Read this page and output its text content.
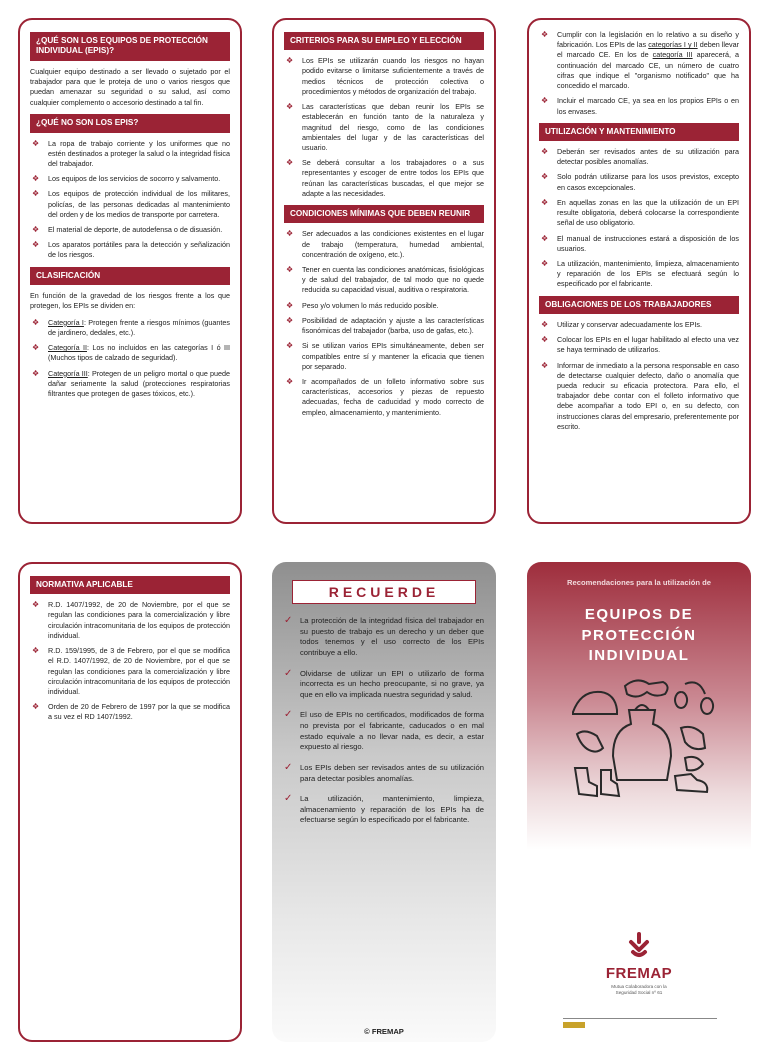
¿QUÉ SON LOS EQUIPOS DE PROTECCIÓN INDIVIDUAL (EPIS)?

Cualquier equipo destinado a ser llevado o sujetado por el trabajador para que le proteja de uno o varios riesgos que puedan amenazar su seguridad o su salud, así como cualquier complemento o accesorio destinado a tal fin.

¿QUÉ NO SON LOS EPIS?
❖ La ropa de trabajo corriente y los uniformes que no estén destinados a proteger la salud o la integridad física del trabajador.
❖ Los equipos de los servicios de socorro y salvamento.
❖ Los equipos de protección individual de los militares, policías, de las personas dedicadas al mantenimiento del orden y de los medios de transporte por carretera.
❖ El material de deporte, de autodefensa o de disuasión.
❖ Los aparatos portátiles para la detección y señalización de los riesgos.
CLASIFICACIÓN

En función de la gravedad de los riesgos frente a los que protegen, los EPIs se dividen en:

❖ Categoría I: Protegen frente a riesgos mínimos (guantes de jardinero, dedales, etc.).
❖ Categoría II: Los no incluidos en las categorías I ó III (Muchos tipos de calzado de seguridad).
❖ Categoría III: Protegen de un peligro mortal o que puede dañar seriamente la salud (protecciones respiratorias filtrantes que protegen de gases tóxicos, etc.).
CRITERIOS PARA SU EMPLEO Y ELECCIÓN
❖ Los EPIs se utilizarán cuando los riesgos no hayan podido evitarse o limitarse suficientemente a través de medios técnicos de protección colectiva o procedimientos y métodos de organización del trabajo.
❖ Las características que deban reunir los EPIs se establecerán en función tanto de la naturaleza y magnitud del riesgo, como de las condiciones ambientales del lugar y de las características del usuario.
❖ Se deberá consultar a los trabajadores o a sus representantes y escoger de entre todos los EPIs que reúnan las características buscadas, el que mejor se adapte a las necesidades.
CONDICIONES MÍNIMAS QUE DEBEN REUNIR
❖ Ser adecuados a las condiciones existentes en el lugar de trabajo (temperatura, humedad ambiental, concentración de oxígeno, etc.).
❖ Tener en cuenta las condiciones anatómicas, fisiológicas y de salud del trabajador, de tal modo que no quede reducida su capacidad visual, auditiva o respiratoria.
❖ Peso y/o volumen lo más reducido posible.
❖ Posibilidad de adaptación y ajuste a las características fisonómicas del trabajador (barba, uso de gafas, etc.).
❖ Si se utilizan varios EPIs simultáneamente, deben ser compatibles entre sí y mantener la eficacia que tienen por separado.
❖ Ir acompañados de un folleto informativo sobre sus características, accesorios y piezas de repuesto adecuadas, fecha de caducidad y modo correcto de empleo, almacenamiento, y mantenimiento.
❖ Cumplir con la legislación en lo relativo a su diseño y fabricación. Los EPIs de las categorías I y II deben llevar el marcado CE. En los de categoría III aparecerá, a continuación del marcado CE, un número de cuatro cifras que indique el "organismo notificado" que ha concedido el marcado.
❖ Incluir el marcado CE, ya sea en los propios EPIs o en los envases.
UTILIZACIÓN Y MANTENIMIENTO
❖ Deberán ser revisados antes de su utilización para detectar posibles anomalías.
❖ Solo podrán utilizarse para los usos previstos, excepto en casos excepcionales.
❖ En aquellas zonas en las que la utilización de un EPI resulte obligatoria, deberá colocarse la correspondiente señal de uso obligatorio.
❖ El manual de instrucciones estará a disposición de los usuarios.
❖ La utilización, mantenimiento, limpieza, almacenamiento y reparación de los EPIs se efectuará según lo especificado por el fabricante.
OBLIGACIONES DE LOS TRABAJADORES
❖ Utilizar y conservar adecuadamente los EPIs.
❖ Colocar los EPIs en el lugar habilitado al efecto una vez se haya terminado de utilizarlos.
❖ Informar de inmediato a la persona responsable en caso de detectarse cualquier defecto, daño o anomalía que pueda reducir su eficacia protectora. Para ello, el trabajador debe contar con el folleto informativo que debe acompañar a todo EPI o, en su defecto, con instrucciones claras del empresario, preferentemente por escrito.
NORMATIVA APLICABLE
❖ R.D. 1407/1992, de 20 de Noviembre, por el que se regulan las condiciones para la comercialización y libre circulación intracomunitaria de los equipos de protección individual.
❖ R.D. 159/1995, de 3 de Febrero, por el que se modifica el R.D. 1407/1992, de 20 de Noviembre, por el que se regulan las condiciones para la comercialización y libre circulación intracomunitaria de los equipos de protección individual.
❖ Orden de 20 de Febrero de 1997 por la que se modifica a su vez el RD 1407/1992.
RECUERDE
✓ La protección de la integridad física del trabajador en su puesto de trabajo es un derecho y un deber que todos tenemos y el uso correcto de los EPIs contribuye a ello.
✓ Olvidarse de utilizar un EPI o utilizarlo de forma incorrecta es un hecho preocupante, si no grave, ya que en ello va implicada nuestra seguridad y salud.
✓ El uso de EPIs no certificados, modificados de forma no prevista por el fabricante, caducados o en mal estado equivale a no llevar nada, es decir, a estar expuesto al riesgo.
✓ Los EPIs deben ser revisados antes de su utilización para detectar posibles anomalías.
✓ La utilización, mantenimiento, limpieza, almacenamiento y reparación de los EPIs ha de efectuarse según lo especificado por el fabricante.
© FREMAP
Recomendaciones para la utilización de
EQUIPOS DE
PROTECCIÓN
INDIVIDUAL
FREMAP
Mutua Colaboradora con la
Seguridad Social nº 61
